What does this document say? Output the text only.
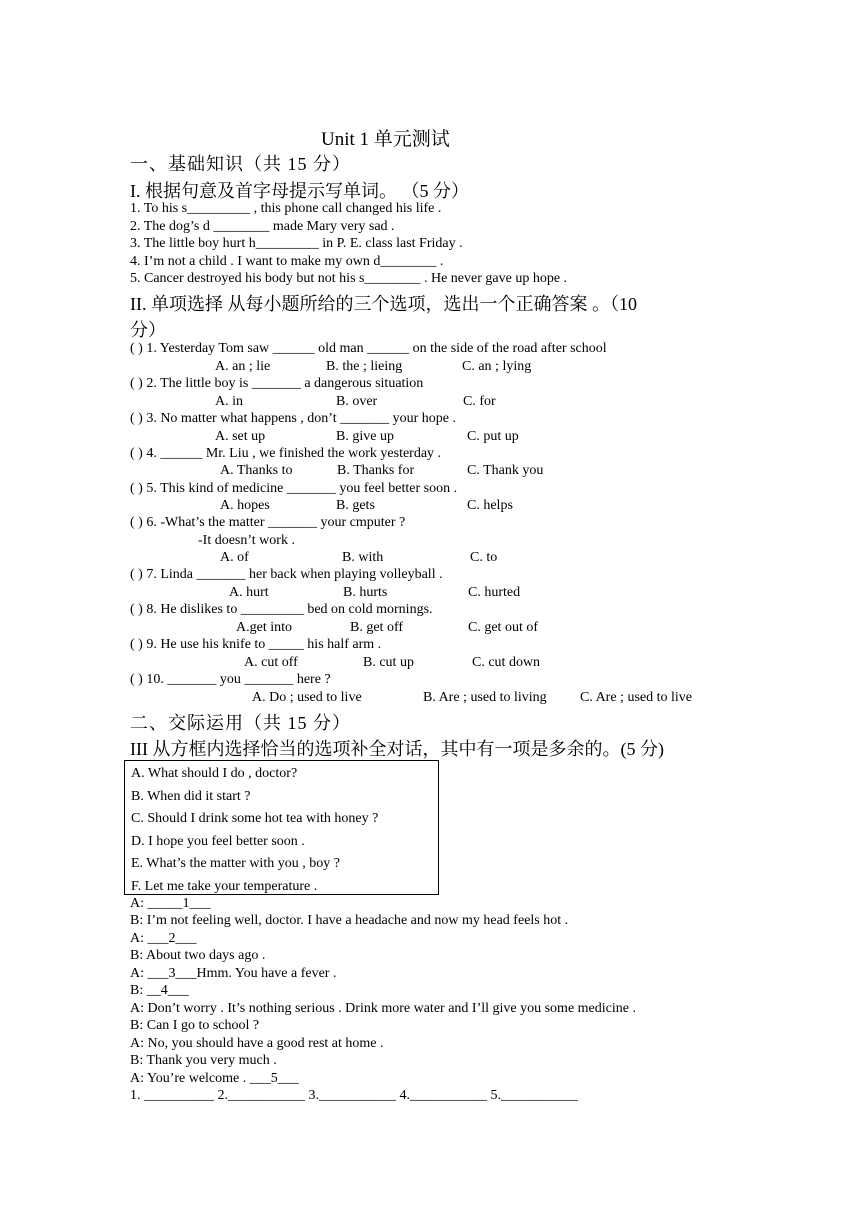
Unit 1 单元测试
一、基础知识（共 15 分）
I. 根据句意及首字母提示写单词。 （5 分）
1. To his s_________ , this phone call changed his life .
2. The dog’s d ________ made Mary very sad .
3. The little boy hurt h_________ in P. E. class last Friday .
4. I’m not a child . I want to make my own d________ .
5. Cancer destroyed his body but not his s________ . He never gave up hope .
II. 单项选择 从每小题所给的三个选项，选出一个正确答案 。（10
分）
( ) 1. Yesterday Tom saw ______ old man ______ on the side of the road after school
A. an ; lie	B. the ; lieing	C. an ; lying
( ) 2. The little boy is _______ a dangerous situation
A. in	B. over	C. for
( ) 3. No matter what happens , don’t _______ your hope .
A. set up	B. give up	C. put up
( ) 4. ______ Mr. Liu , we finished the work yesterday .
A. Thanks to	B. Thanks for	C. Thank you
( ) 5. This kind of medicine _______ you feel better soon .
A. hopes	B. gets	C. helps
( ) 6. -What’s the matter _______ your cmputer ?
-It doesn’t work .
A. of	B. with	C. to
( ) 7. Linda _______ her back when playing volleyball .
A. hurt	B. hurts	C. hurted
( ) 8. He dislikes to _________ bed on cold mornings.
A.get into	B. get off	C. get out of
( ) 9. He use his knife to _____ his half arm .
A. cut off	B. cut up	C. cut down
( ) 10. _______ you _______ here ?
A. Do ; used to live	B. Are ; used to living C. Are ; used to live
二、交际运用（共 15 分）
III 从方框内选择恰当的选项补全对话，其中有一项是多余的。(5 分)
A. What should I do , doctor?
B. When did it start ?
C. Should I drink some hot tea with honey ?
D. I hope you feel better soon .
E. What’s the matter with you , boy ?
F. Let me take your temperature .
A: _____1___
B: I’m not feeling well, doctor. I have a headache and now my head feels hot .
A: ___2___
B: About two days ago .
A: ___3___Hmm. You have a fever .
B: __4___
A: Don’t worry . It’s nothing serious . Drink more water and I’ll give you some medicine .
B: Can I go to school ?
A: No, you should have a good rest at home .
B: Thank you very much .
A: You’re welcome . ___5___
1. __________ 2.___________ 3.___________ 4.___________ 5.___________
